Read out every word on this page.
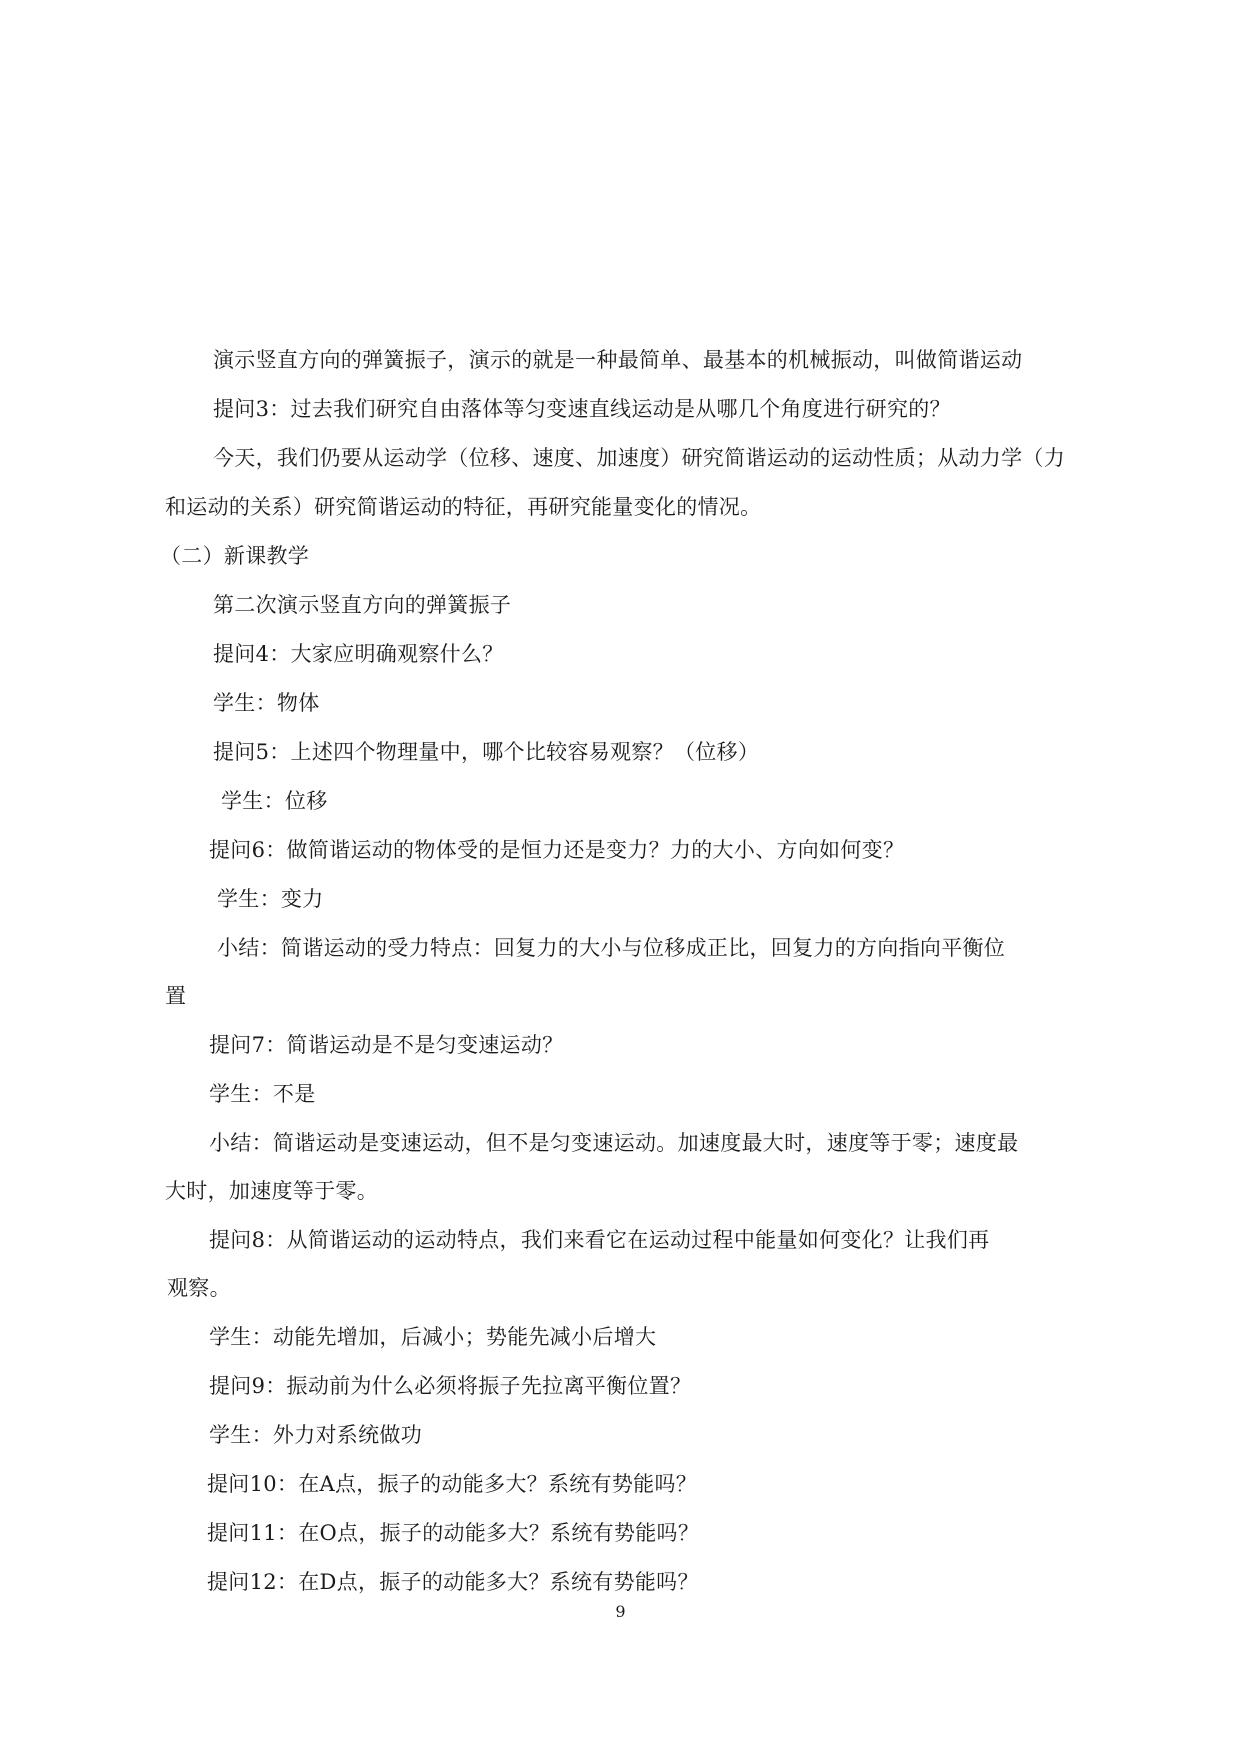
演示竖直方向的弹簧振子，演示的就是一种最简单、最基本的机械振动，叫做简谐运动
提问3：过去我们研究自由落体等匀变速直线运动是从哪几个角度进行研究的？
今天，我们仍要从运动学（位移、速度、加速度）研究简谐运动的运动性质；从动力学（力
和运动的关系）研究简谐运动的特征，再研究能量变化的情况。
（二）新课教学
第二次演示竖直方向的弹簧振子
提问4：大家应明确观察什么？
学生：物体
提问5：上述四个物理量中，哪个比较容易观察？（位移）
学生：位移
提问6：做简谐运动的物体受的是恒力还是变力？力的大小、方向如何变？
学生：变力
小结：简谐运动的受力特点：回复力的大小与位移成正比，回复力的方向指向平衡位
置
提问7：简谐运动是不是匀变速运动？
学生：不是
小结：简谐运动是变速运动，但不是匀变速运动。加速度最大时，速度等于零；速度最
大时，加速度等于零。
提问8：从简谐运动的运动特点，我们来看它在运动过程中能量如何变化？让我们再
观察。
学生：动能先增加，后减小；势能先减小后增大
提问9：振动前为什么必须将振子先拉离平衡位置？
学生：外力对系统做功
提问10：在A点，振子的动能多大？系统有势能吗？
提问11：在O点，振子的动能多大？系统有势能吗？
提问12：在D点，振子的动能多大？系统有势能吗？
9
